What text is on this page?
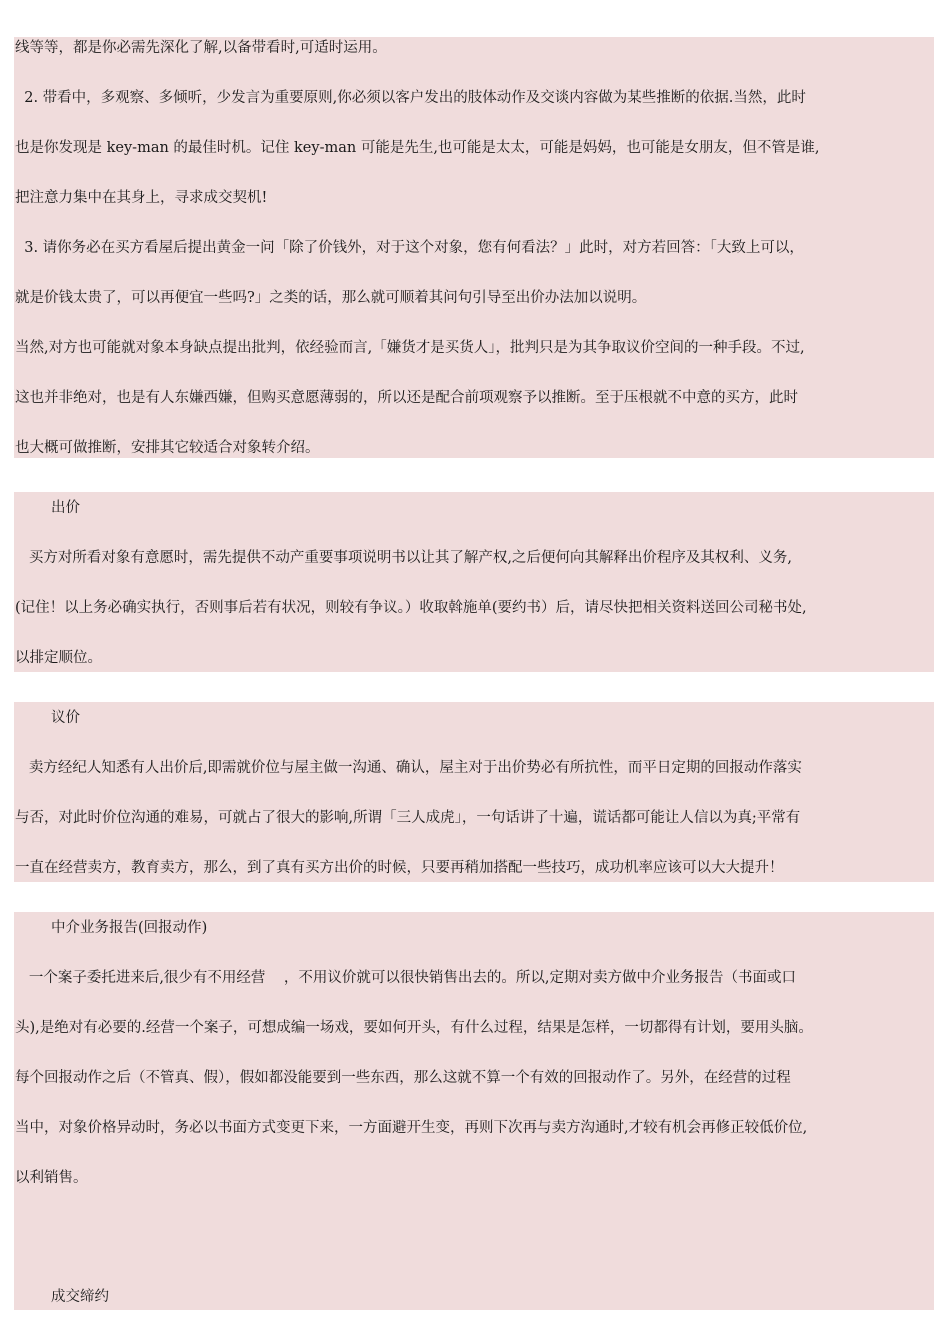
线等等，都是你必需先深化了解,以备带看时,可适时运用。
2. 带看中，多观察、多倾听，少发言为重要原则,你必须以客户发出的肢体动作及交谈内容做为某些推断的依据.当然，此时
也是你发现是 key-man 的最佳时机。记住 key-man 可能是先生,也可能是太太，可能是妈妈，也可能是女朋友，但不管是谁,
把注意力集中在其身上，寻求成交契机!
3. 请你务必在买方看屋后提出黄金一问「除了价钱外，对于这个对象，您有何看法？」此时，对方若回答：「大致上可以，
就是价钱太贵了，可以再便宜一些吗?」之类的话，那么就可顺着其问句引导至出价办法加以说明。
当然,对方也可能就对象本身缺点提出批判，依经验而言,「嫌货才是买货人」，批判只是为其争取议价空间的一种手段。不过,
这也并非绝对，也是有人东嫌西嫌，但购买意愿薄弱的，所以还是配合前项观察予以推断。至于压根就不中意的买方，此时
也大概可做推断，安排其它较适合对象转介绍。
出价
买方对所看对象有意愿时，需先提供不动产重要事项说明书以让其了解产权,之后便何向其解释出价程序及其权利、义务,
(记住！以上务必确实执行，否则事后若有状况，则较有争议。）收取斡施单(要约书）后，请尽快把相关资料送回公司秘书处,
以排定顺位。
议价
卖方经纪人知悉有人出价后,即需就价位与屋主做一沟通、确认，屋主对于出价势必有所抗性，而平日定期的回报动作落实
与否，对此时价位沟通的难易，可就占了很大的影响,所谓「三人成虎」，一句话讲了十遍，谎话都可能让人信以为真;平常有
一直在经营卖方，教育卖方，那么，到了真有买方出价的时候，只要再稍加搭配一些技巧，成功机率应该可以大大提升！
中介业务报告(回报动作)
一个案子委托进来后,很少有不用经营    ，不用议价就可以很快销售出去的。所以,定期对卖方做中介业务报告（书面或口
头),是绝对有必要的.经营一个案子，可想成编一场戏，要如何开头，有什么过程，结果是怎样，一切都得有计划，要用头脑。
每个回报动作之后（不管真、假），假如都没能要到一些东西，那么这就不算一个有效的回报动作了。另外，在经营的过程
当中，对象价格异动时，务必以书面方式变更下来，一方面避开生变，再则下次再与卖方沟通时,才较有机会再修正较低价位,
以利销售。
成交缔约
